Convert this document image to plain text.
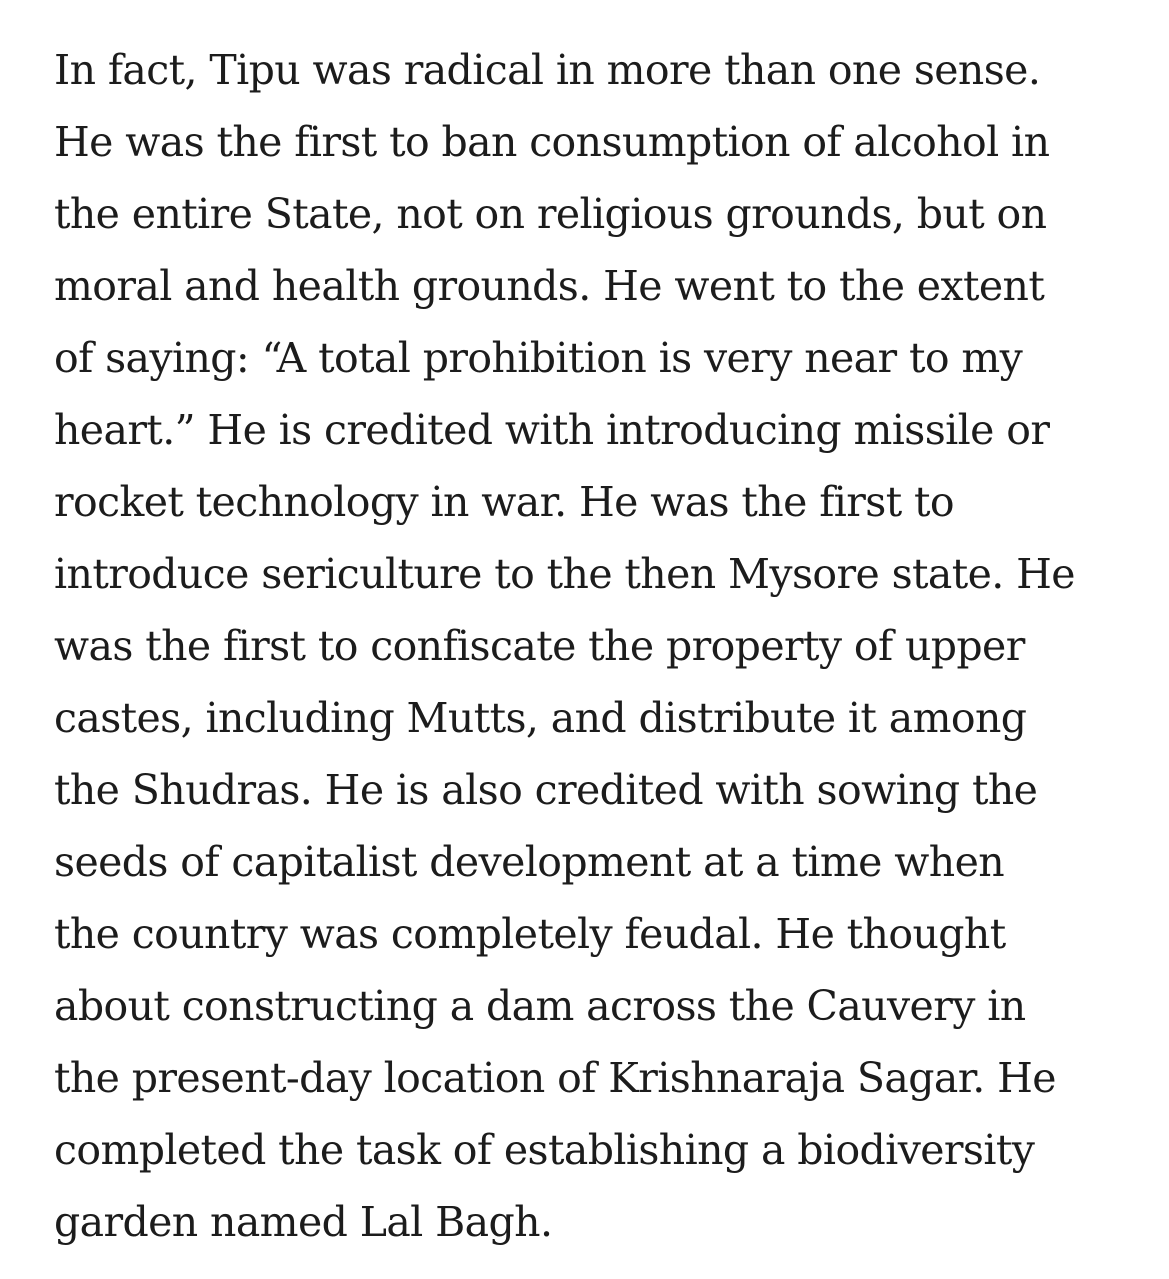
In fact, Tipu was radical in more than one sense.
He was the first to ban consumption of alcohol in
the entire State, not on religious grounds, but on
moral and health grounds. He went to the extent
of saying: “A total prohibition is very near to my
heart.” He is credited with introducing missile or
rocket technology in war. He was the first to
introduce sericulture to the then Mysore state. He
was the first to confiscate the property of upper
castes, including Mutts, and distribute it among
the Shudras. He is also credited with sowing the
seeds of capitalist development at a time when
the country was completely feudal. He thought
about constructing a dam across the Cauvery in
the present-day location of Krishnaraja Sagar. He
completed the task of establishing a biodiversity
garden named Lal Bagh.
